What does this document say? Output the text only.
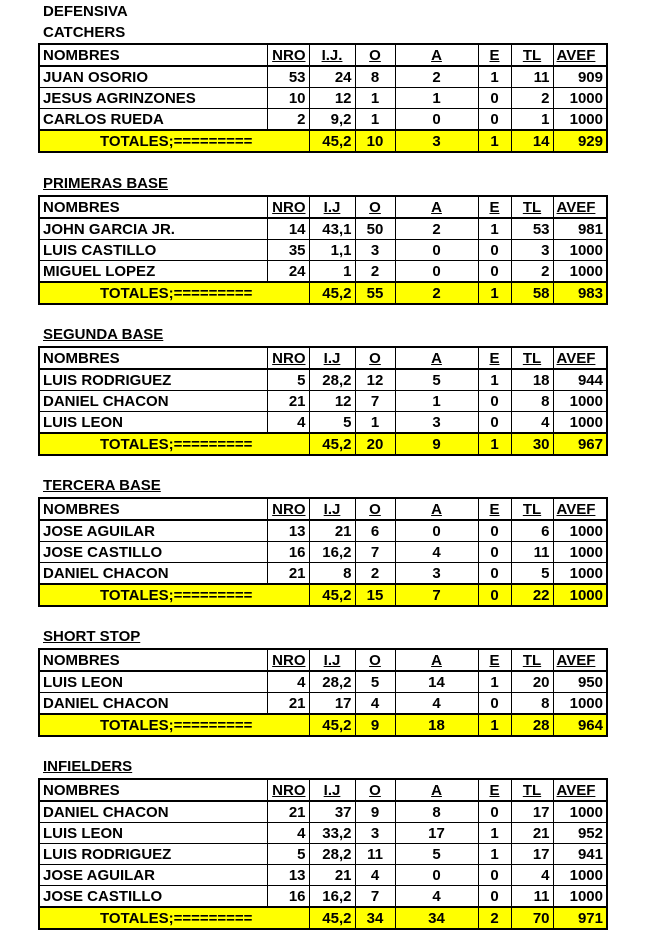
DEFENSIVA
CATCHERS
NOMBRES	NRO	I.J.	O	A	E	TL	AVEF
JUAN OSORIO	53	24	8	2	1	11	909
JESUS AGRINZONES	10	12	1	1	0	2	1000
CARLOS RUEDA	2	9,2	1	0	0	1	1000
TOTALES;=========		45,2	10	3	1	14	929
PRIMERAS BASE
NOMBRES	NRO	I.J	O	A	E	TL	AVEF
JOHN GARCIA JR.	14	43,1	50	2	1	53	981
LUIS CASTILLO	35	1,1	3	0	0	3	1000
MIGUEL LOPEZ	24	1	2	0	0	2	1000
TOTALES;=========		45,2	55	2	1	58	983
SEGUNDA BASE
NOMBRES	NRO	I.J	O	A	E	TL	AVEF
LUIS RODRIGUEZ	5	28,2	12	5	1	18	944
DANIEL CHACON	21	12	7	1	0	8	1000
LUIS LEON	4	5	1	3	0	4	1000
TOTALES;=========		45,2	20	9	1	30	967
TERCERA BASE
NOMBRES	NRO	I.J	O	A	E	TL	AVEF
JOSE AGUILAR	13	21	6	0	0	6	1000
JOSE CASTILLO	16	16,2	7	4	0	11	1000
DANIEL CHACON	21	8	2	3	0	5	1000
TOTALES;=========		45,2	15	7	0	22	1000
SHORT STOP
NOMBRES	NRO	I.J	O	A	E	TL	AVEF
LUIS LEON	4	28,2	5	14	1	20	950
DANIEL CHACON	21	17	4	4	0	8	1000
TOTALES;=========		45,2	9	18	1	28	964
INFIELDERS
NOMBRES	NRO	I.J	O	A	E	TL	AVEF
DANIEL CHACON	21	37	9	8	0	17	1000
LUIS LEON	4	33,2	3	17	1	21	952
LUIS RODRIGUEZ	5	28,2	11	5	1	17	941
JOSE AGUILAR	13	21	4	0	0	4	1000
JOSE CASTILLO	16	16,2	7	4	0	11	1000
TOTALES;=========		45,2	34	34	2	70	971
